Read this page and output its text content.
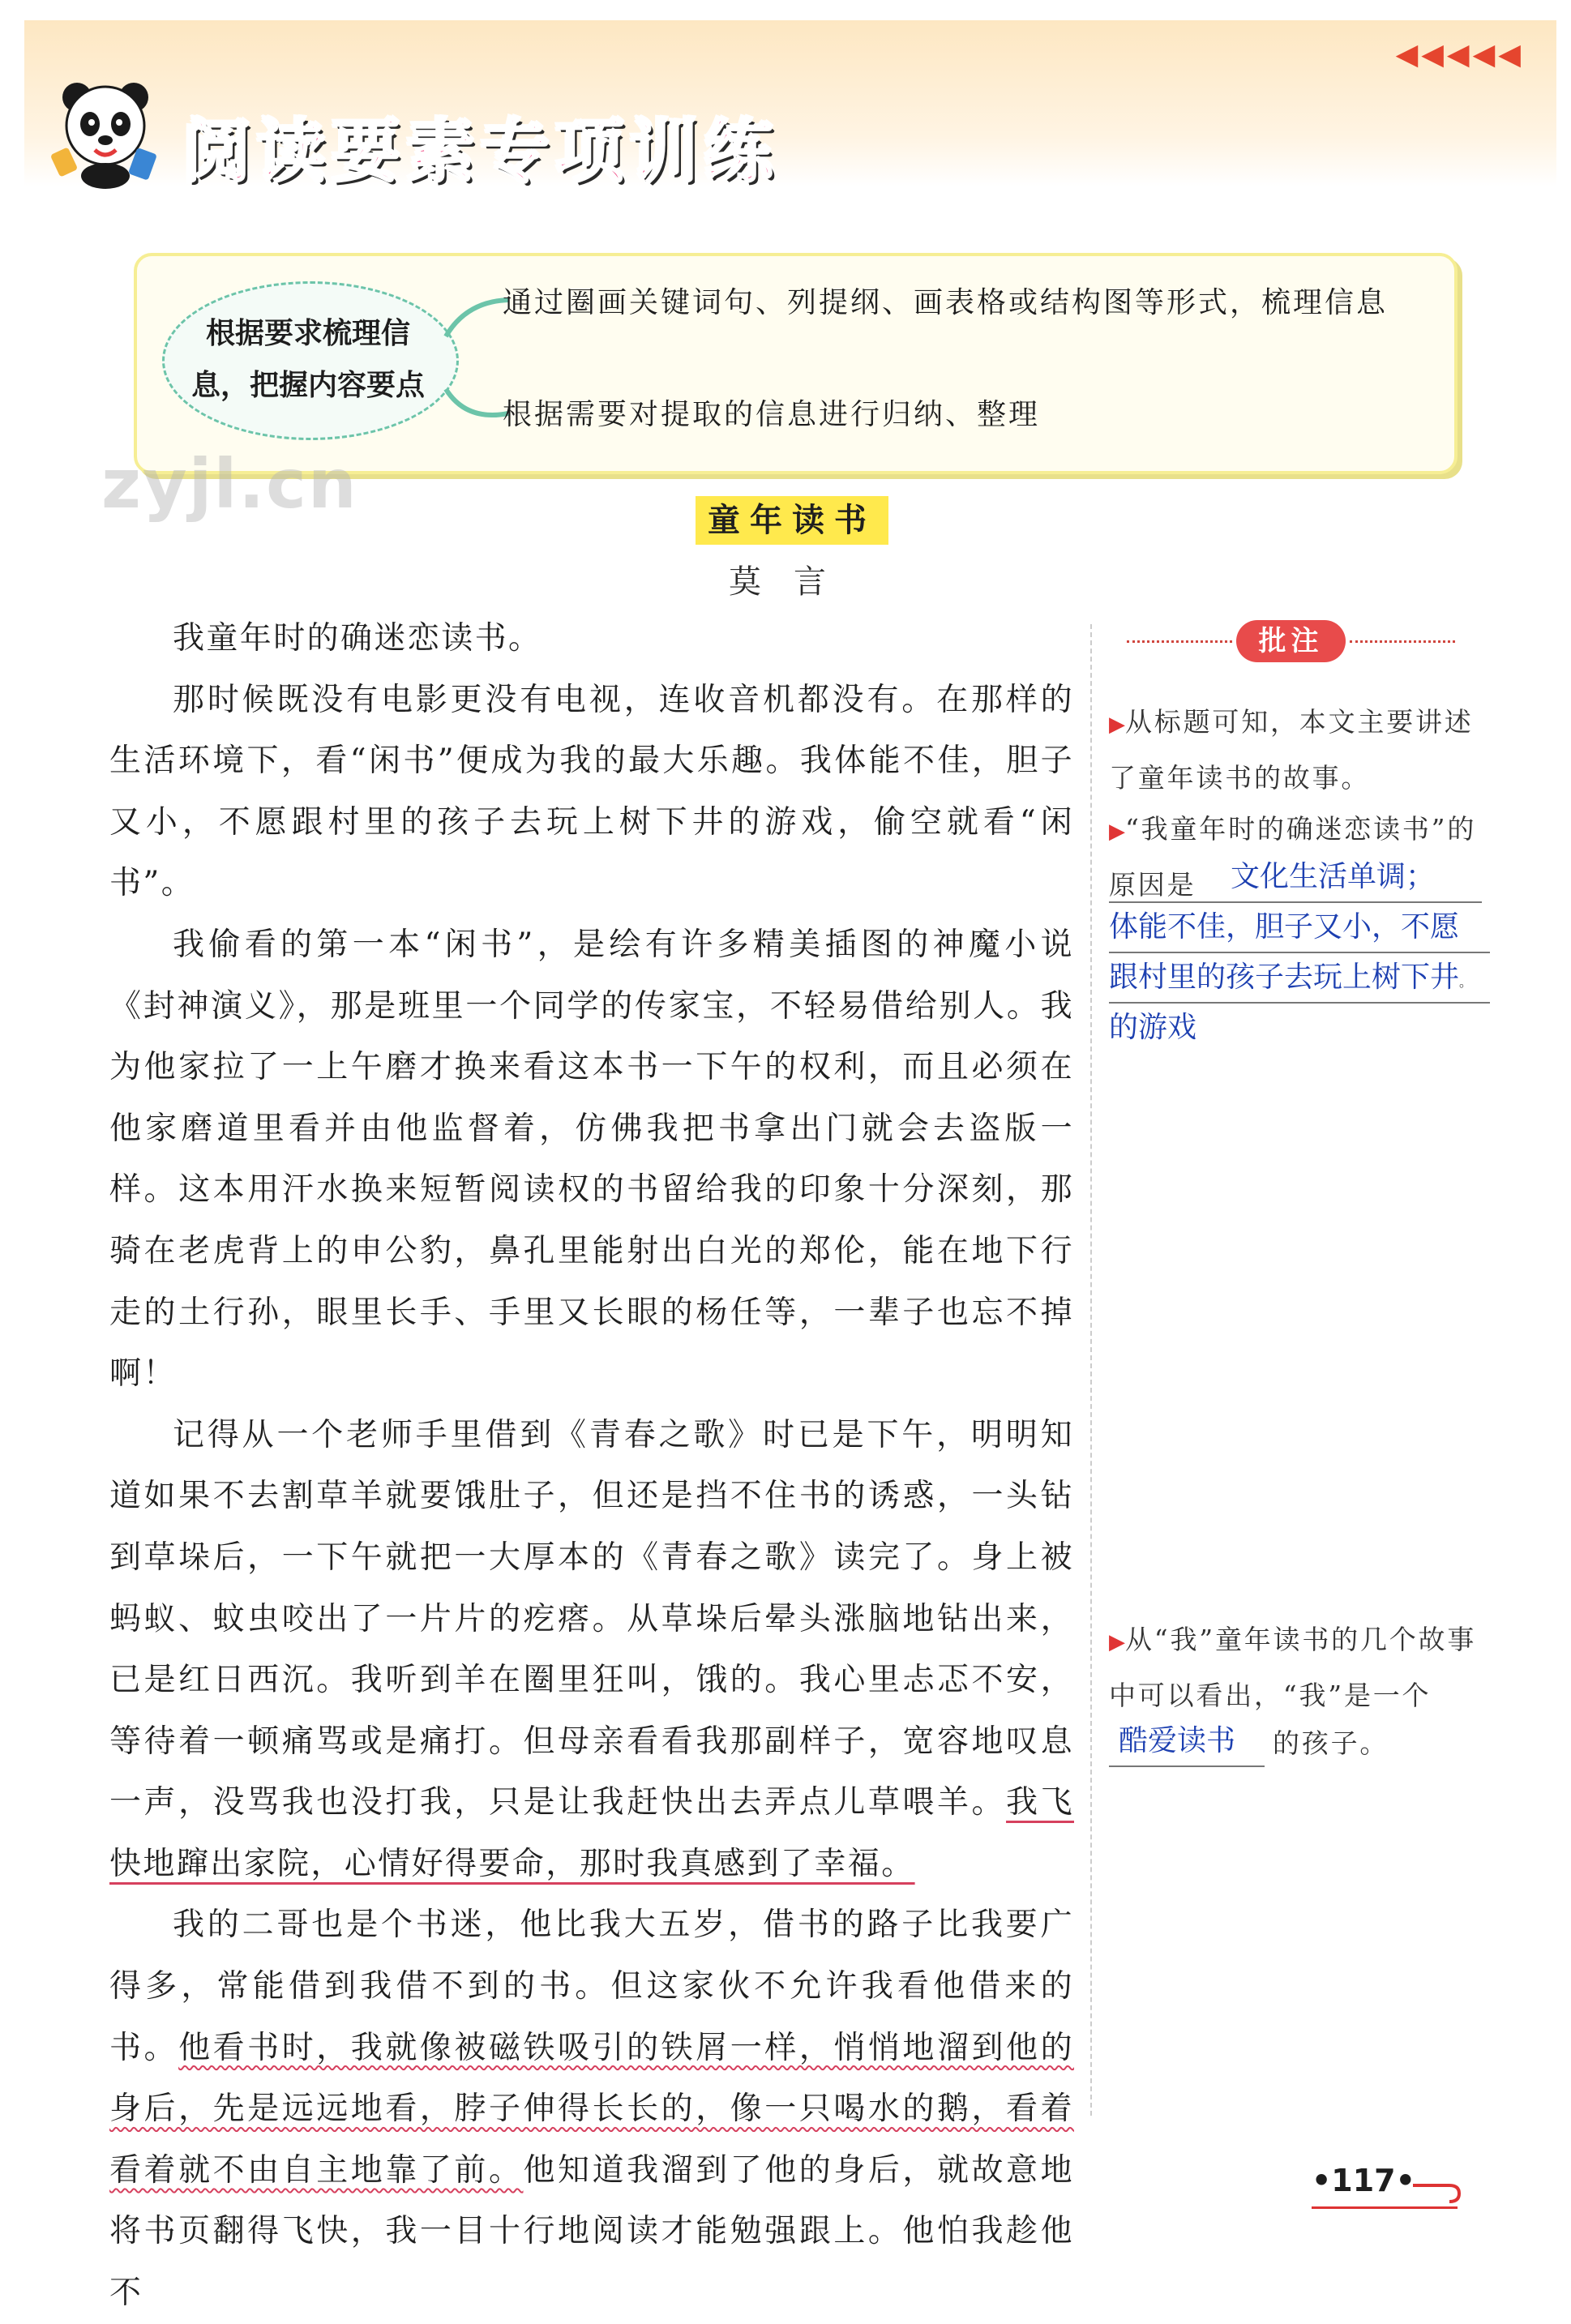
◀◀◀◀◀
阅读要素专项训练
根据要求梳理信
息，把握内容要点
通过圈画关键词句、列提纲、画表格或结构图等形式，梳理信息
根据需要对提取的信息进行归纳、整理
zyjl.cn	童年读书
莫言

我童年时的确迷恋读书。

那时候既没有电影更没有电视，连收音机都没有。在那样的生活环境下，看“闲书”便成为我的最大乐趣。我体能不佳，胆子又小，不愿跟村里的孩子去玩上树下井的游戏，偷空就看“闲书”。

我偷看的第一本“闲书”，是绘有许多精美插图的神魔小说《封神演义》，那是班里一个同学的传家宝，不轻易借给别人。我为他家拉了一上午磨才换来看这本书一下午的权利，而且必须在他家磨道里看并由他监督着，仿佛我把书拿出门就会去盗版一样。这本用汗水换来短暂阅读权的书留给我的印象十分深刻，那骑在老虎背上的申公豹，鼻孔里能射出白光的郑伦，能在地下行走的土行孙，眼里长手、手里又长眼的杨任等，一辈子也忘不掉啊！

记得从一个老师手里借到《青春之歌》时已是下午，明明知道如果不去割草羊就要饿肚子，但还是挡不住书的诱惑，一头钻到草垛后，一下午就把一大厚本的《青春之歌》读完了。身上被蚂蚁、蚊虫咬出了一片片的疙瘩。从草垛后晕头涨脑地钻出来，已是红日西沉。我听到羊在圈里狂叫，饿的。我心里忐忑不安，等待着一顿痛骂或是痛打。但母亲看看我那副样子，宽容地叹息一声，没骂我也没打我，只是让我赶快出去弄点儿草喂羊。我飞快地蹿出家院，心情好得要命，那时我真感到了幸福。

我的二哥也是个书迷，他比我大五岁，借书的路子比我要广得多，常能借到我借不到的书。但这家伙不允许我看他借来的书。他看书时，我就像被磁铁吸引的铁屑一样，悄悄地溜到他的身后，先是远远地看，脖子伸得长长的，像一只喝水的鹅，看着看着就不由自主地靠了前。他知道我溜到了他的身后，就故意地将书页翻得飞快，我一目十行地阅读才能勉强跟上。他怕我趁他不

批注
▶从标题可知，本文主要讲述了童年读书的故事。
▶“我童年时的确迷恋读书”的原因是	文化生活单调；
体能不佳，胆子又小，不愿
跟村里的孩子去玩上树下井。
的游戏
▶从“我”童年读书的几个故事中可以看出，“我”是一个
酷爱读书 的孩子。
•117•
